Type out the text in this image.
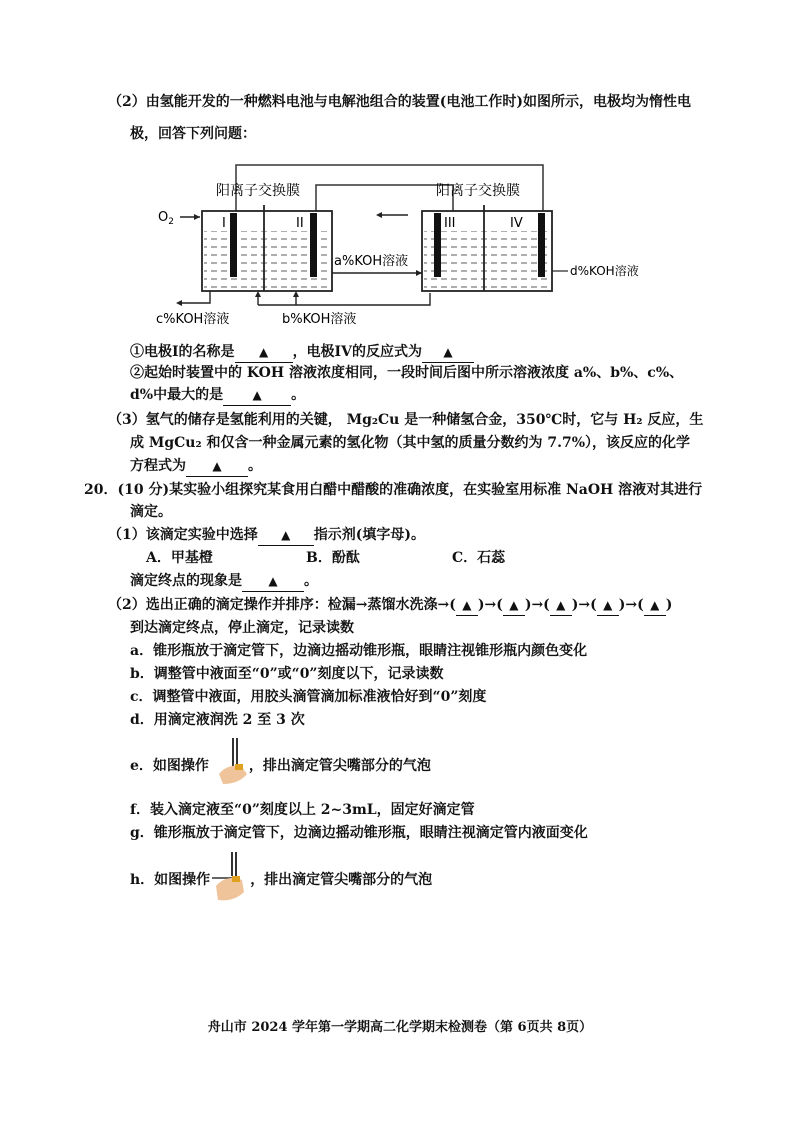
（2）由氢能开发的一种燃料电池与电解池组合的装置(电池工作时)如图所示，电极均为惰性电
极，回答下列问题：
阳离子交换膜	阳离子交换膜
I	II	III	IV
$O_2$
a%KOH溶液
d%KOH溶液
c%KOH溶液	b%KOH溶液
①电极I的名称是 ▲ ，电极IV的反应式为 ▲
②起始时装置中的 KOH 溶液浓度相同，一段时间后图中所示溶液浓度 a%、b%、c%、
d%中最大的是 ▲ 。
（3）氢气的储存是氢能利用的关键， Mg₂Cu 是一种储氢合金，350℃时，它与 H₂ 反应，生
成 MgCu₂ 和仅含一种金属元素的氢化物（其中氢的质量分数约为 7.7%），该反应的化学
方程式为 ▲ 。
20．(10 分)某实验小组探究某食用白醋中醋酸的准确浓度，在实验室用标准 NaOH 溶液对其进行
滴定。
（1）该滴定实验中选择 ▲ 指示剂(填字母)。
A．甲基橙	B．酚酞	C．石蕊
滴定终点的现象是 ▲ 。
（2）选出正确的滴定操作并排序：检漏→蒸馏水洗涤→( ▲ )→( ▲ )→( ▲ )→( ▲ )→( ▲ )
到达滴定终点，停止滴定，记录读数
a．锥形瓶放于滴定管下，边滴边摇动锥形瓶，眼睛注视锥形瓶内颜色变化
b．调整管中液面至“0”或“0”刻度以下，记录读数
c．调整管中液面，用胶头滴管滴加标准液恰好到“0”刻度
d．用滴定液润洗 2 至 3 次
e．如图操作	，排出滴定管尖嘴部分的气泡
f．装入滴定液至“0”刻度以上 2~3mL，固定好滴定管
g．锥形瓶放于滴定管下，边滴边摇动锥形瓶，眼睛注视滴定管内液面变化
h．如图操作	，排出滴定管尖嘴部分的气泡
舟山市 2024 学年第一学期高二化学期末检测卷（第 6页共 8页）
